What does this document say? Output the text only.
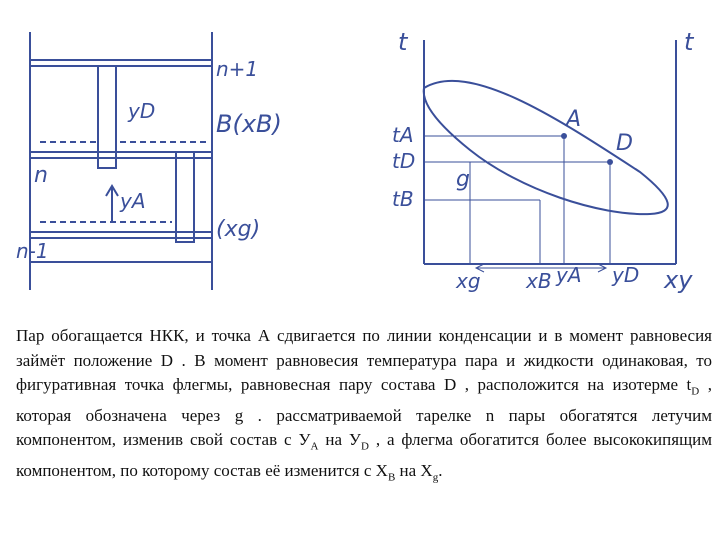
n+1
yD	B(xB)
n
yA
(xg)
n-1
t	t
tA
tD
tB
A
D
g
xg xB yA yD xy

Пар обогащается НКК, и точка А сдвигается по линии конденсации и в момент равновесия займёт положение D . В момент равновесия температура пара и жидкости одинаковая, то фигуративная точка флегмы, равновесная пару состава D , расположится на изотерме $t_D$ , которая обозначена через g . рассматриваемой тарелке n пары обогатятся летучим компонентом, изменив свой состав с $У_А$ на $У_D$ , а флегма обогатится более высококипящим компонентом, по которому состав её изменится с $Х_В$ на $Х_g$.
